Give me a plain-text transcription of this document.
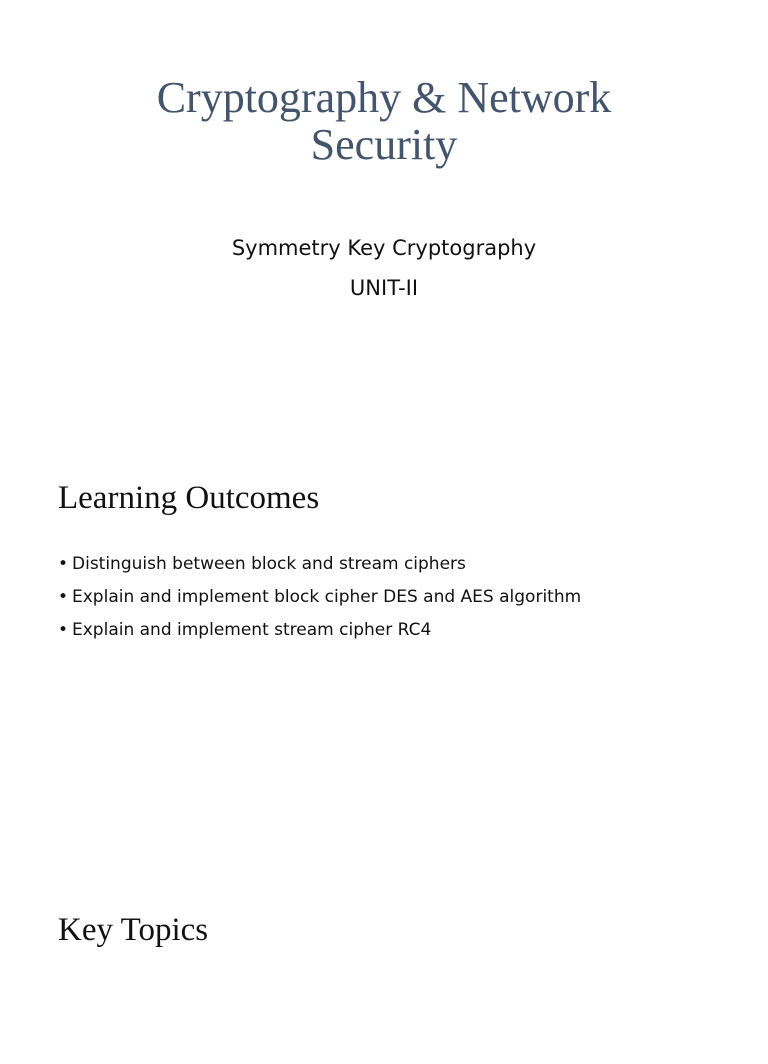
Cryptography & Network
Security
Symmetry Key Cryptography
UNIT-II
Learning Outcomes
• Distinguish between block and stream ciphers
• Explain and implement block cipher DES and AES algorithm
• Explain and implement stream cipher RC4
Key Topics
